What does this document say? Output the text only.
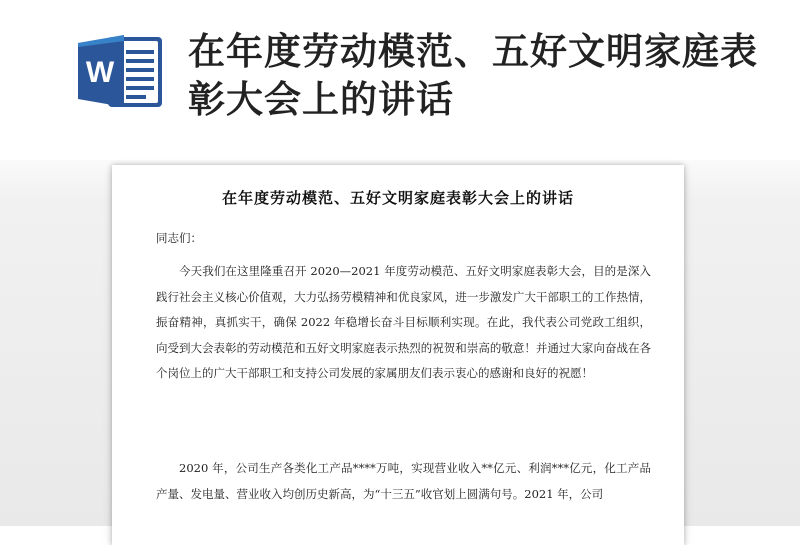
W 在年度劳动模范、五好文明家庭表彰大会上的讲话
在年度劳动模范、五好文明家庭表彰大会上的讲话
同志们：

今天我们在这里隆重召开 2020—2021 年度劳动模范、五好文明家庭表彰大会，目的是深入践行社会主义核心价值观，大力弘扬劳模精神和优良家风，进一步激发广大干部职工的工作热情，振奋精神，真抓实干，确保 2022 年稳增长奋斗目标顺利实现。在此，我代表公司党政工组织，向受到大会表彰的劳动模范和五好文明家庭表示热烈的祝贺和崇高的敬意！并通过大家向奋战在各个岗位上的广大干部职工和支持公司发展的家属朋友们表示衷心的感谢和良好的祝愿！

2020 年，公司生产各类化工产品****万吨，实现营业收入**亿元、利润***亿元，化工产品产量、发电量、营业收入均创历史新高，为“十三五”收官划上圆满句号。2021 年，公司
